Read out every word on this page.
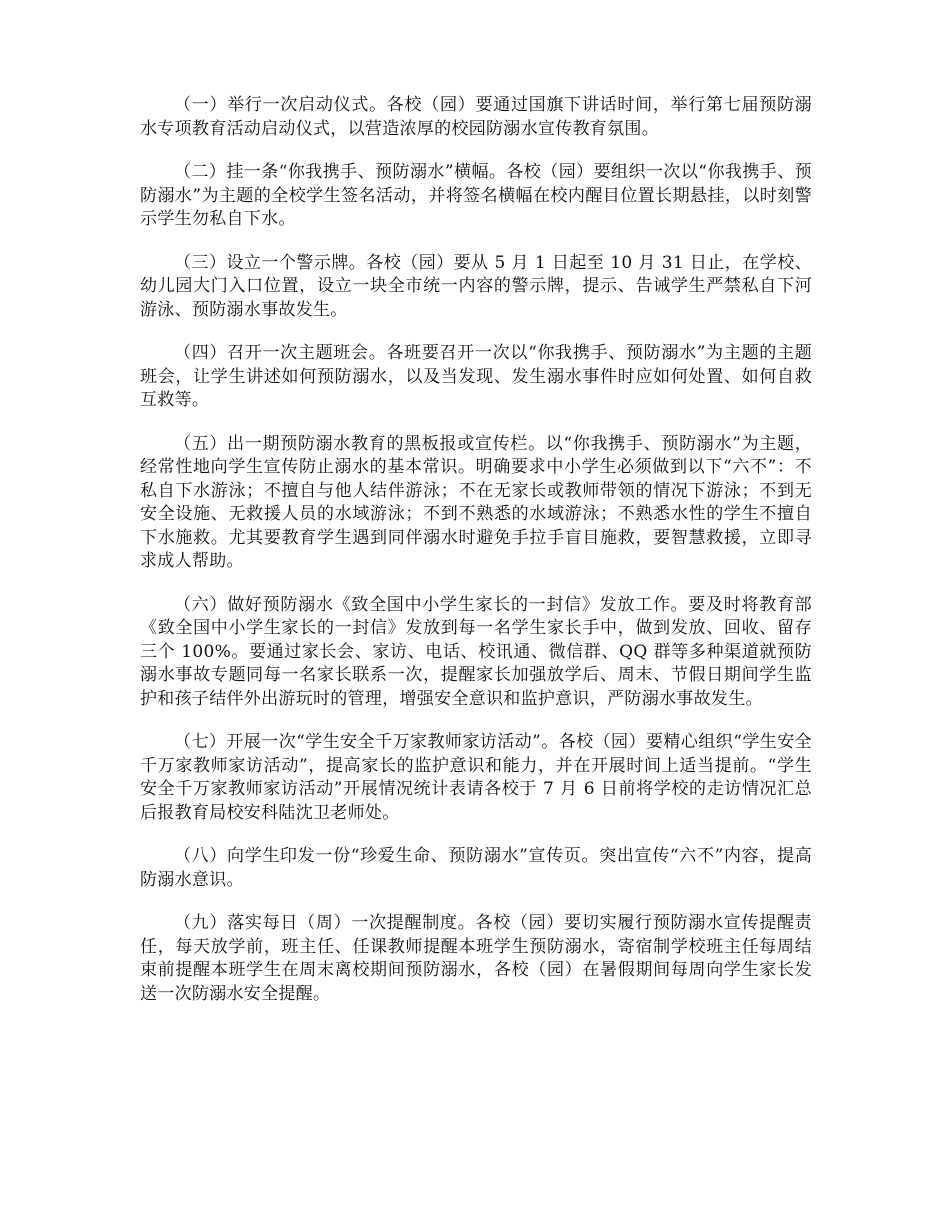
（一）举行一次启动仪式。各校（园）要通过国旗下讲话时间，举行第七届预防溺水专项教育活动启动仪式，以营造浓厚的校园防溺水宣传教育氛围。

（二）挂一条“你我携手、预防溺水”横幅。各校（园）要组织一次以“你我携手、预防溺水”为主题的全校学生签名活动，并将签名横幅在校内醒目位置长期悬挂，以时刻警示学生勿私自下水。

（三）设立一个警示牌。各校（园）要从 5 月 1 日起至 10 月 31 日止，在学校、幼儿园大门入口位置，设立一块全市统一内容的警示牌，提示、告诫学生严禁私自下河游泳、预防溺水事故发生。

（四）召开一次主题班会。各班要召开一次以“你我携手、预防溺水”为主题的主题班会，让学生讲述如何预防溺水，以及当发现、发生溺水事件时应如何处置、如何自救互救等。

（五）出一期预防溺水教育的黑板报或宣传栏。以“你我携手、预防溺水”为主题，经常性地向学生宣传防止溺水的基本常识。明确要求中小学生必须做到以下“六不”：不私自下水游泳；不擅自与他人结伴游泳；不在无家长或教师带领的情况下游泳；不到无安全设施、无救援人员的水域游泳；不到不熟悉的水域游泳；不熟悉水性的学生不擅自下水施救。尤其要教育学生遇到同伴溺水时避免手拉手盲目施救，要智慧救援，立即寻求成人帮助。

（六）做好预防溺水《致全国中小学生家长的一封信》发放工作。要及时将教育部《致全国中小学生家长的一封信》发放到每一名学生家长手中，做到发放、回收、留存三个 100%。要通过家长会、家访、电话、校讯通、微信群、QQ 群等多种渠道就预防溺水事故专题同每一名家长联系一次，提醒家长加强放学后、周末、节假日期间学生监护和孩子结伴外出游玩时的管理，增强安全意识和监护意识，严防溺水事故发生。

（七）开展一次“学生安全千万家教师家访活动”。各校（园）要精心组织“学生安全千万家教师家访活动”，提高家长的监护意识和能力，并在开展时间上适当提前。“学生安全千万家教师家访活动”开展情况统计表请各校于 7 月 6 日前将学校的走访情况汇总后报教育局校安科陆沈卫老师处。

（八）向学生印发一份“珍爱生命、预防溺水”宣传页。突出宣传“六不”内容，提高防溺水意识。

（九）落实每日（周）一次提醒制度。各校（园）要切实履行预防溺水宣传提醒责任，每天放学前，班主任、任课教师提醒本班学生预防溺水，寄宿制学校班主任每周结束前提醒本班学生在周末离校期间预防溺水，各校（园）在暑假期间每周向学生家长发送一次防溺水安全提醒。
